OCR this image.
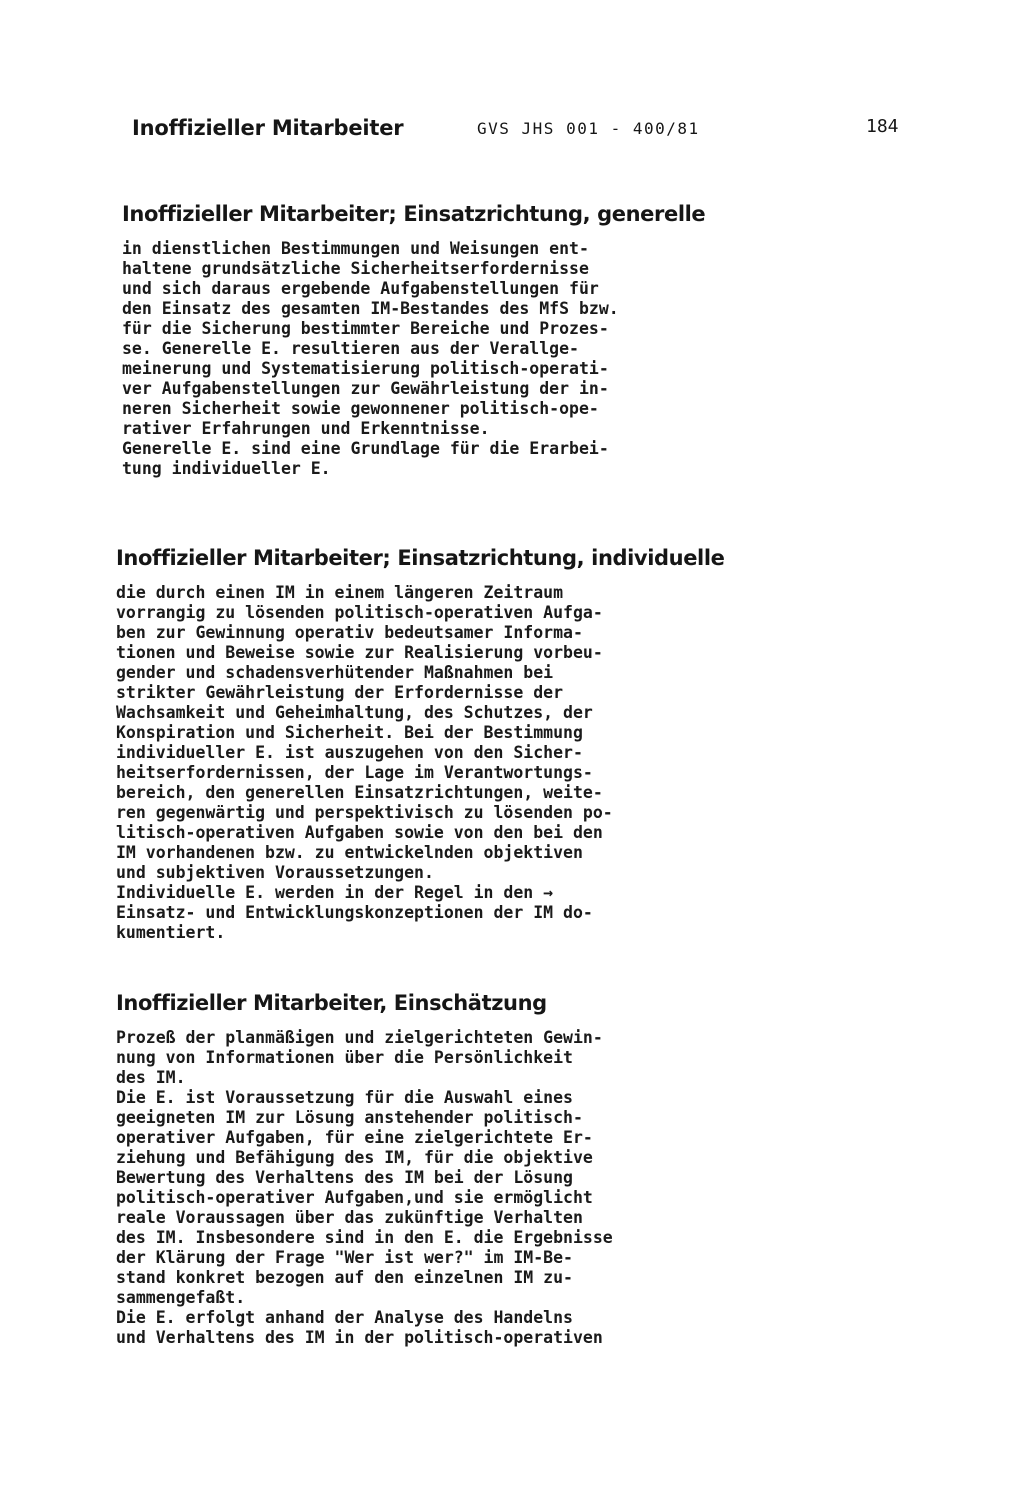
Inoffizieller Mitarbeiter	GVS JHS 001 - 400/81	184
Inoffizieller Mitarbeiter; Einsatzrichtung, generelle
in dienstlichen Bestimmungen und Weisungen ent-
haltene grundsätzliche Sicherheitserfordernisse
und sich daraus ergebende Aufgabenstellungen für
den Einsatz des gesamten IM-Bestandes des MfS bzw.
für die Sicherung bestimmter Bereiche und Prozes-
se. Generelle E. resultieren aus der Verallge-
meinerung und Systematisierung politisch-operati-
ver Aufgabenstellungen zur Gewährleistung der in-
neren Sicherheit sowie gewonnener politisch-ope-
rativer Erfahrungen und Erkenntnisse.
Generelle E. sind eine Grundlage für die Erarbei-
tung individueller E.
Inoffizieller Mitarbeiter; Einsatzrichtung, individuelle
die durch einen IM in einem längeren Zeitraum
vorrangig zu lösenden politisch-operativen Aufga-
ben zur Gewinnung operativ bedeutsamer Informa-
tionen und Beweise sowie zur Realisierung vorbeu-
gender und schadensverhütender Maßnahmen bei
strikter Gewährleistung der Erfordernisse der
Wachsamkeit und Geheimhaltung, des Schutzes, der
Konspiration und Sicherheit. Bei der Bestimmung
individueller E. ist auszugehen von den Sicher-
heitserfordernissen, der Lage im Verantwortungs-
bereich, den generellen Einsatzrichtungen, weite-
ren gegenwärtig und perspektivisch zu lösenden po-
litisch-operativen Aufgaben sowie von den bei den
IM vorhandenen bzw. zu entwickelnden objektiven
und subjektiven Voraussetzungen.
Individuelle E. werden in der Regel in den →
Einsatz- und Entwicklungskonzeptionen der IM do-
kumentiert.
Inoffizieller Mitarbeiter, Einschätzung
Prozeß der planmäßigen und zielgerichteten Gewin-
nung von Informationen über die Persönlichkeit
des IM.
Die E. ist Voraussetzung für die Auswahl eines
geeigneten IM zur Lösung anstehender politisch-
operativer Aufgaben, für eine zielgerichtete Er-
ziehung und Befähigung des IM, für die objektive
Bewertung des Verhaltens des IM bei der Lösung
politisch-operativer Aufgaben,und sie ermöglicht
reale Voraussagen über das zukünftige Verhalten
des IM. Insbesondere sind in den E. die Ergebnisse
der Klärung der Frage "Wer ist wer?" im IM-Be-
stand konkret bezogen auf den einzelnen IM zu-
sammengefaßt.
Die E. erfolgt anhand der Analyse des Handelns
und Verhaltens des IM in der politisch-operativen
